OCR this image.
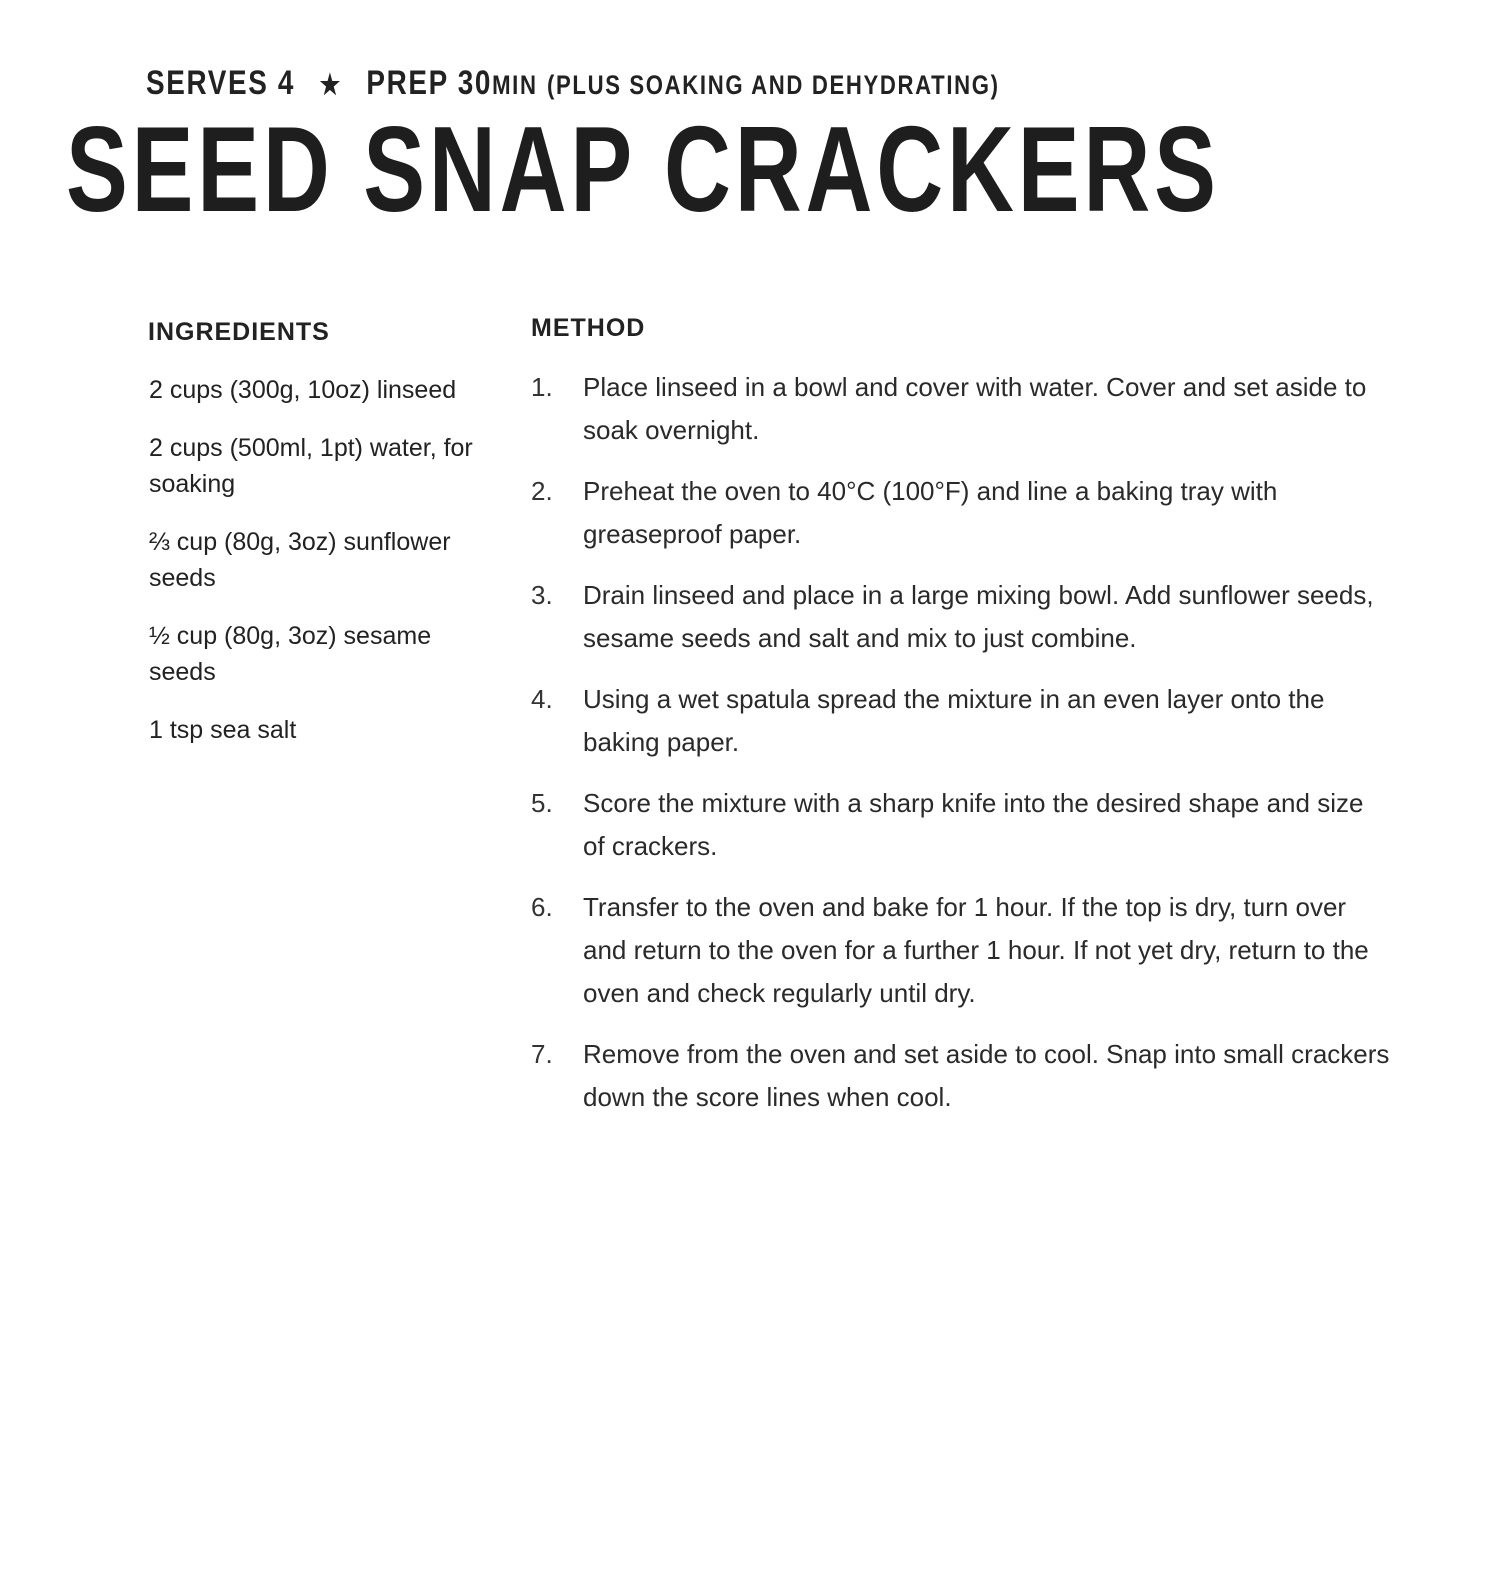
SERVES 4 ★ PREP 30MIN (PLUS SOAKING AND DEHYDRATING)
SEED SNAP CRACKERS
INGREDIENTS
2 cups (300g, 10oz) linseed
2 cups (500ml, 1pt) water, for soaking
⅔ cup (80g, 3oz) sunflower seeds
½ cup (80g, 3oz) sesame seeds
1 tsp sea salt
METHOD
1.	Place linseed in a bowl and cover with water. Cover and set aside to soak overnight.
2.	Preheat the oven to 40°C (100°F) and line a baking tray with greaseproof paper.
3.	Drain linseed and place in a large mixing bowl. Add sunflower seeds, sesame seeds and salt and mix to just combine.
4.	Using a wet spatula spread the mixture in an even layer onto the baking paper.
5.	Score the mixture with a sharp knife into the desired shape and size of crackers.
6.	Transfer to the oven and bake for 1 hour. If the top is dry, turn over and return to the oven for a further 1 hour. If not yet dry, return to the oven and check regularly until dry.
7.	Remove from the oven and set aside to cool. Snap into small crackers down the score lines when cool.
